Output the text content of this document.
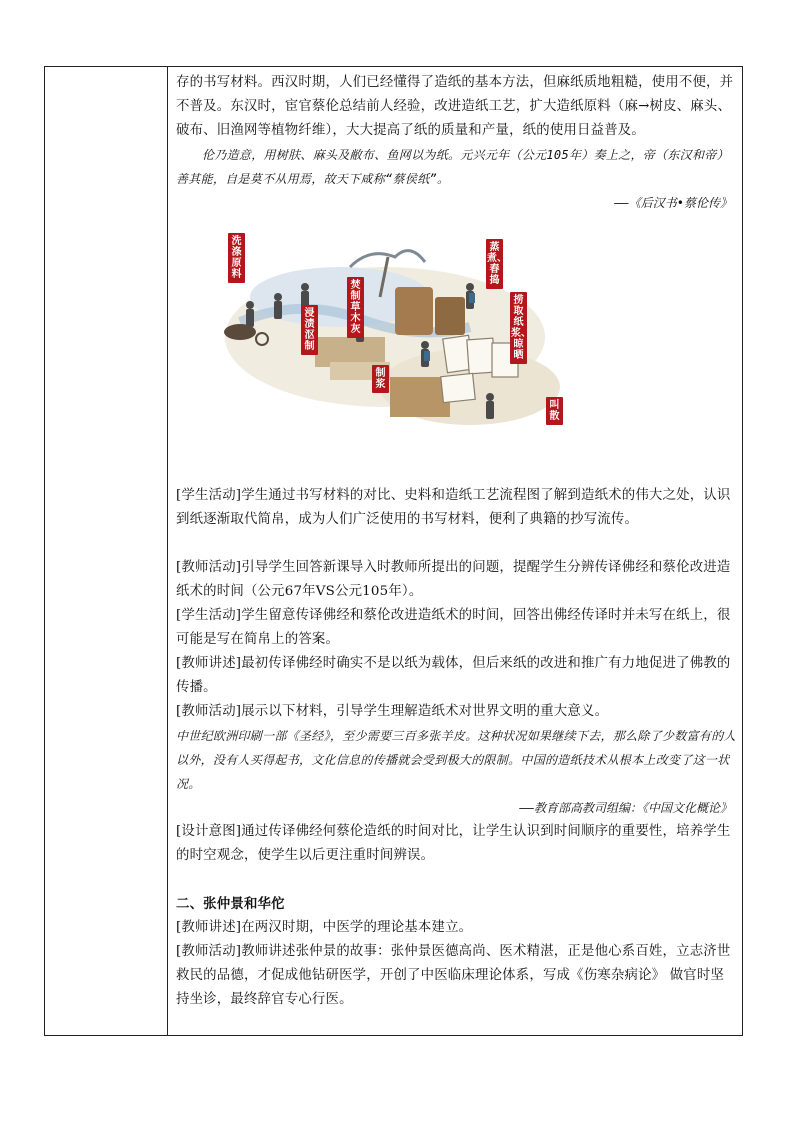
存的书写材料。西汉时期，人们已经懂得了造纸的基本方法，但麻纸质地粗糙，使用不便，并不普及。东汉时，宦官蔡伦总结前人经验，改进造纸工艺，扩大造纸原料（麻→树皮、麻头、破布、旧渔网等植物纤维），大大提高了纸的质量和产量，纸的使用日益普及。

伦乃造意，用树肤、麻头及敝布、鱼网以为纸。元兴元年（公元105年）奏上之，帝（东汉和帝）善其能，自是莫不从用焉，故天下咸称“蔡侯纸”。

——《后汉书•蔡伦传》

洗涤原料
浸渍沤制
蒸煮、舂捣
焚制草木灰
制浆
捞取纸浆、晾晒
叫散

[学生活动]学生通过书写材料的对比、史料和造纸工艺流程图了解到造纸术的伟大之处，认识到纸逐渐取代简帛，成为人们广泛使用的书写材料，便利了典籍的抄写流传。

[教师活动]引导学生回答新课导入时教师所提出的问题，提醒学生分辨传译佛经和蔡伦改进造纸术的时间（公元67年VS公元105年）。

[学生活动]学生留意传译佛经和蔡伦改进造纸术的时间，回答出佛经传译时并未写在纸上，很可能是写在简帛上的答案。

[教师讲述]最初传译佛经时确实不是以纸为载体，但后来纸的改进和推广有力地促进了佛教的传播。

[教师活动]展示以下材料，引导学生理解造纸术对世界文明的重大意义。

中世纪欧洲印刷一部《圣经》，至少需要三百多张羊皮。这种状况如果继续下去，那么除了少数富有的人以外，没有人买得起书，文化信息的传播就会受到极大的限制。中国的造纸技术从根本上改变了这一状况。

——教育部高教司组编：《中国文化概论》

[设计意图]通过传译佛经何蔡伦造纸的时间对比，让学生认识到时间顺序的重要性，培养学生的时空观念，使学生以后更注重时间辨误。

二、张仲景和华佗

[教师讲述]在两汉时期，中医学的理论基本建立。

[教师活动]教师讲述张仲景的故事：张仲景医德高尚、医术精湛，正是他心系百姓，立志济世救民的品德，才促成他钻研医学，开创了中医临床理论体系，写成《伤寒杂病论》 做官时坚持坐诊，最终辞官专心行医。
